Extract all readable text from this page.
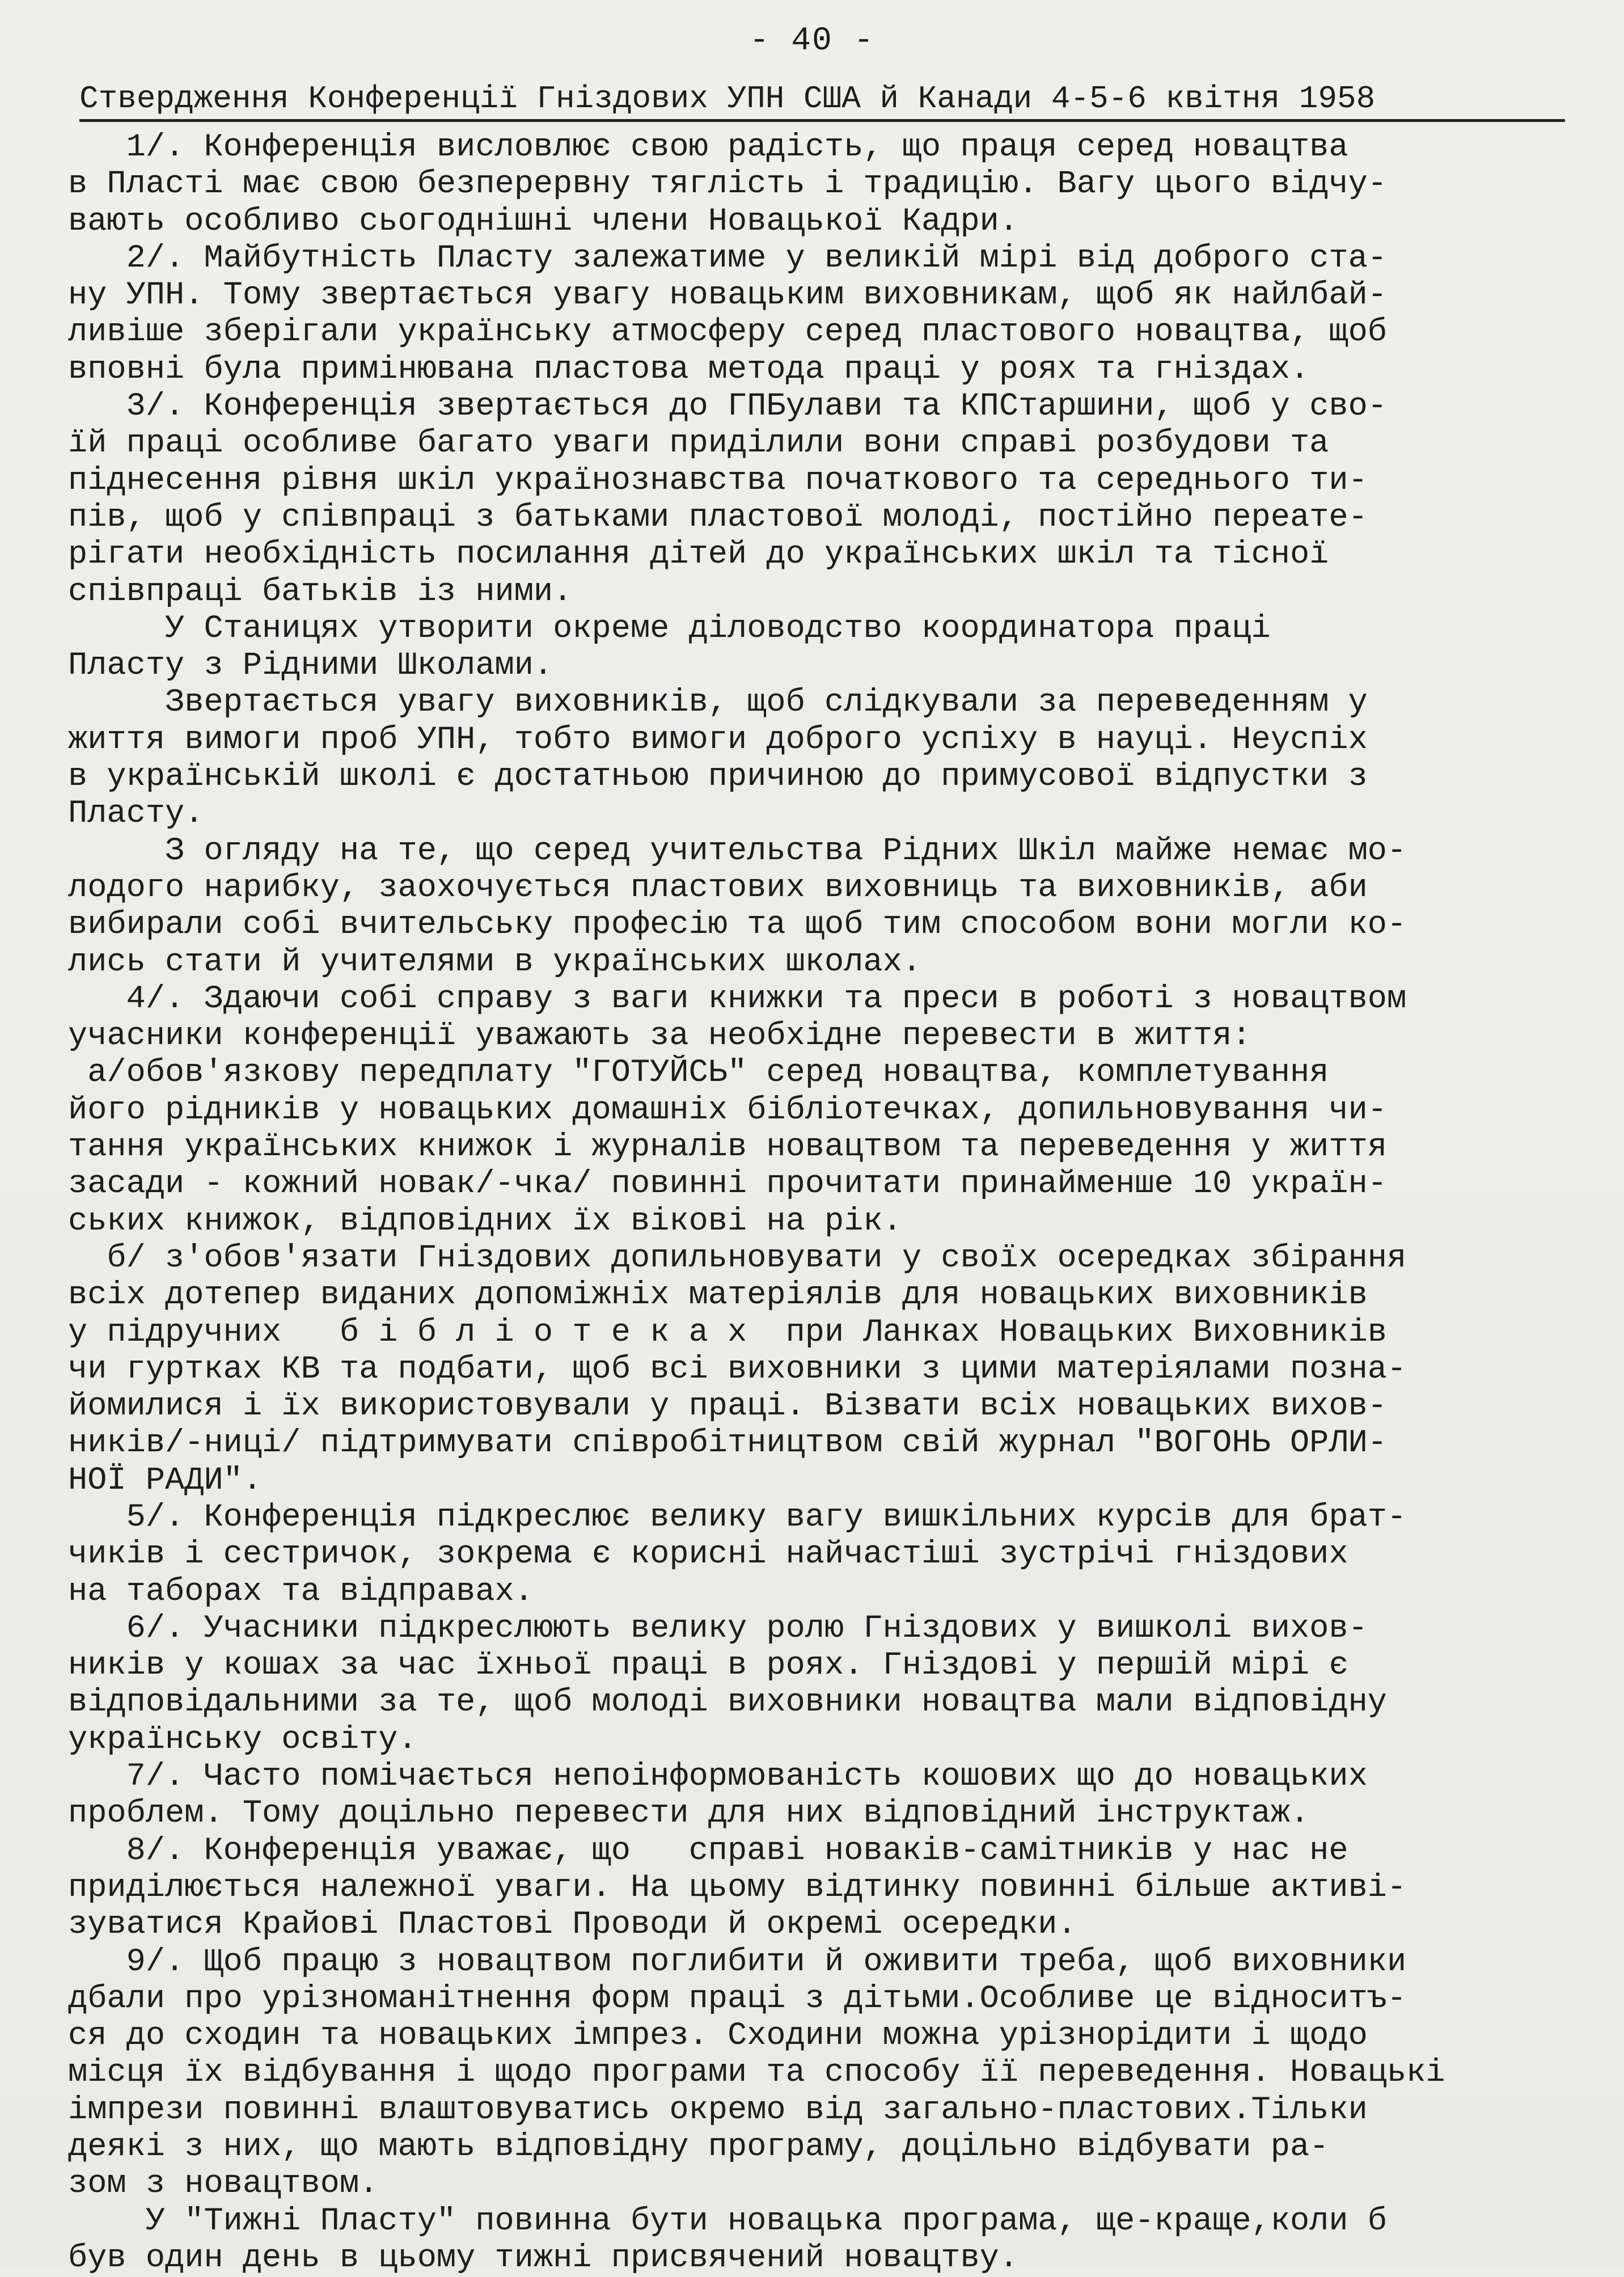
- 40 -
Ствердження Конференції Гніздових УПН США й Канади 4-5-6 квітня 1958
1/. Конференція висловлює свою радість, що праця серед новацтва
в Пласті має свою безперервну тяглість і традицію. Вагу цього відчу-
вають особливо сьогоднішні члени Новацької Кадри.
2/. Майбутність Пласту залежатиме у великій мірі від доброго ста-
ну УПН. Тому звертається увагу новацьким виховникам, щоб як найлбай-
ливіше зберігали українську атмосферу серед пластового новацтва, щоб
вповні була примінювана пластова метода праці у роях та гніздах.
3/. Конференція звертається до ГПБулави та КПСтаршини, щоб у сво-
їй праці особливе багато уваги приділили вони справі розбудови та
піднесення рівня шкіл українознавства початкового та середнього ти-
пів, щоб у співпраці з батьками пластової молоді, постійно переате-
рігати необхідність посилання дітей до українських шкіл та тісної
співпраці батьків із ними.
У Станицях утворити окреме діловодство координатора праці
Пласту з Рідними Школами.
Звертається увагу виховників, щоб слідкували за переведенням у
життя вимоги проб УПН, тобто вимоги доброго успіху в науці. Неуспіх
в українській школі є достатньою причиною до примусової відпустки з
Пласту.
З огляду на те, що серед учительства Рідних Шкіл майже немає мо-
лодого нарибку, заохочується пластових виховниць та виховників, аби
вибирали собі вчительську професію та щоб тим способом вони могли ко-
лись стати й учителями в українських школах.
4/. Здаючи собі справу з ваги книжки та преси в роботі з новацтвом
учасники конференції уважають за необхідне перевести в життя:
а/обов'язкову передплату "ГОТУЙСЬ" серед новацтва, комплетування
його рідників у новацьких домашніх бібліотечках, допильновування чи-
тання українських книжок і журналів новацтвом та переведення у життя
засади - кожний новак/-чка/ повинні прочитати принайменше 10 україн-
ських книжок, відповідних їх вікові на рік.
б/ з'обов'язати Гніздових допильновувати у своїх осередках збірання
всіх дотепер виданих допоміжніх матеріялів для новацьких виховників
у підручних   б і б л і о т е к а х  при Ланках Новацьких Виховників
чи гуртках КВ та подбати, щоб всі виховники з цими матеріялами позна-
йомилися і їх використовували у праці. Візвати всіх новацьких вихов-
ників/-ниці/ підтримувати співробітництвом свій журнал "ВОГОНЬ ОРЛИ-
НОЇ РАДИ".
5/. Конференція підкреслює велику вагу вишкільних курсів для брат-
чиків і сестричок, зокрема є корисні найчастіші зустрічі гніздових
на таборах та відправах.
6/. Учасники підкреслюють велику ролю Гніздових у вишколі вихов-
ників у кошах за час їхньої праці в роях. Гніздові у першій мірі є
відповідальними за те, щоб молоді виховники новацтва мали відповідну
українську освіту.
7/. Часто помічається непоінформованість кошових що до новацьких
проблем. Тому доцільно перевести для них відповідний інструктаж.
8/. Конференція уважає, що   справі новаків-самітників у нас не
приділюється належної уваги. На цьому відтинку повинні більше активі-
зуватися Крайові Пластові Проводи й окремі осередки.
9/. Щоб працю з новацтвом поглибити й оживити треба, щоб виховники
дбали про урізноманітнення форм праці з дітьми.Особливе це відноситъ-
ся до сходин та новацьких імпрез. Сходини можна урізнорідити і щодо
місця їх відбування і щодо програми та способу її переведення. Новацькі
імпрези повинні влаштовуватись окремо від загально-пластових.Тільки
деякі з них, що мають відповідну програму, доцільно відбувати ра-
зом з новацтвом.
У "Тижні Пласту" повинна бути новацька програма, ще-краще,коли б
був один день в цьому тижні присвячений новацтву.
